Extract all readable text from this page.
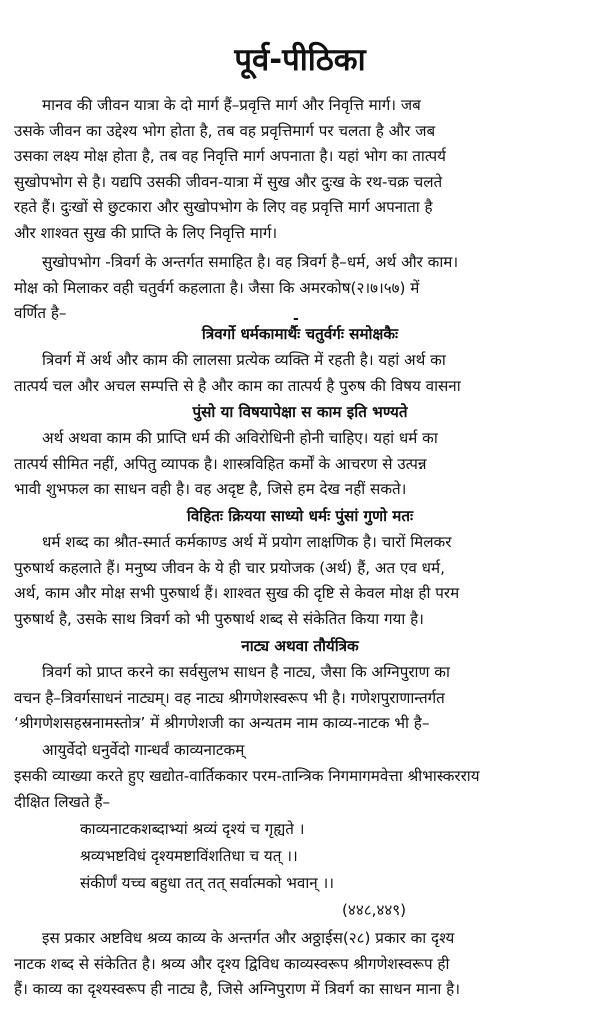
पूर्व-पीठिका
मानव की जीवन यात्रा के दो मार्ग हैं–प्रवृत्ति मार्ग और निवृत्ति मार्ग। जब
उसके जीवन का उद्देश्य भोग होता है, तब वह प्रवृत्तिमार्ग पर चलता है और जब
उसका लक्ष्य मोक्ष होता है, तब वह निवृत्ति मार्ग अपनाता है। यहां भोग का तात्पर्य
सुखोपभोग से है। यद्यपि उसकी जीवन-यात्रा में सुख और दुःख के रथ-चक्र चलते
रहते हैं। दुःखों से छुटकारा और सुखोपभोग के लिए वह प्रवृत्ति मार्ग अपनाता है
और शाश्वत सुख की प्राप्ति के लिए निवृत्ति मार्ग।
सुखोपभोग -त्रिवर्ग के अन्तर्गत समाहित है। वह त्रिवर्ग है–धर्म, अर्थ और काम।
मोक्ष को मिलाकर वही चतुर्वर्ग कहलाता है। जैसा कि अमरकोष(२।७।५७) में
वर्णित है–	-
त्रिवर्गो धर्मकामार्थैः चतुर्वर्गः समोक्षकैः
त्रिवर्ग में अर्थ और काम की लालसा प्रत्येक व्यक्ति में रहती है। यहां अर्थ का
तात्पर्य चल और अचल सम्पत्ति से है और काम का तात्पर्य है पुरुष की विषय वासना
पुंसो या विषयापेक्षा स काम इति भण्यते
अर्थ अथवा काम की प्राप्ति धर्म की अविरोधिनी होनी चाहिए। यहां धर्म का
तात्पर्य सीमित नहीं, अपितु व्यापक है। शास्त्रविहित कर्मों के आचरण से उत्पन्न
भावी शुभफल का साधन वही है। वह अदृष्ट है, जिसे हम देख नहीं सकते।
विहितः क्रियया साध्यो धर्मः पुंसां गुणो मतः
धर्म शब्द का श्रौत-स्मार्त कर्मकाण्ड अर्थ में प्रयोग लाक्षणिक है। चारों मिलकर
पुरुषार्थ कहलाते हैं। मनुष्य जीवन के ये ही चार प्रयोजक (अर्थ) हैं, अत एव धर्म,
अर्थ, काम और मोक्ष सभी पुरुषार्थ हैं। शाश्वत सुख की दृष्टि से केवल मोक्ष ही परम
पुरुषार्थ है, उसके साथ त्रिवर्ग को भी पुरुषार्थ शब्द से संकेतित किया गया है।
नाट्य अथवा तौर्यत्रिक
त्रिवर्ग को प्राप्त करने का सर्वसुलभ साधन है नाट्य, जैसा कि अग्निपुराण का
वचन है–त्रिवर्गसाधनं नाट्यम्। वह नाट्य श्रीगणेशस्वरूप भी है। गणेशपुराणान्तर्गत
‘श्रीगणेशसहस्रनामस्तोत्र’ में श्रीगणेशजी का अन्यतम नाम काव्य-नाटक भी है–
आयुर्वेदो धनुर्वेदो गान्धर्वं काव्यनाटकम्
इसकी व्याख्या करते हुए खद्योत-वार्तिककार परम-तान्त्रिक निगमागमवेत्ता श्रीभास्करराय
दीक्षित लिखते हैं–
काव्यनाटकशब्दाभ्यां श्रव्यं दृश्यं च गृह्यते ।
श्रव्यभष्टविधं दृश्यमष्टाविंशतिधा च यत् ।।
संकीर्णं यच्च बहुधा तत् तत् सर्वात्मको भवान् ।।
(४४८,४४९)
इस प्रकार अष्टविध श्रव्य काव्य के अन्तर्गत और अठ्ठाईस(२८) प्रकार का दृश्य
नाटक शब्द से संकेतित है। श्रव्य और दृश्य द्विविध काव्यस्वरूप श्रीगणेशस्वरूप ही
हैं। काव्य का दृश्यस्वरूप ही नाट्य है, जिसे अग्निपुराण में त्रिवर्ग का साधन माना है।
